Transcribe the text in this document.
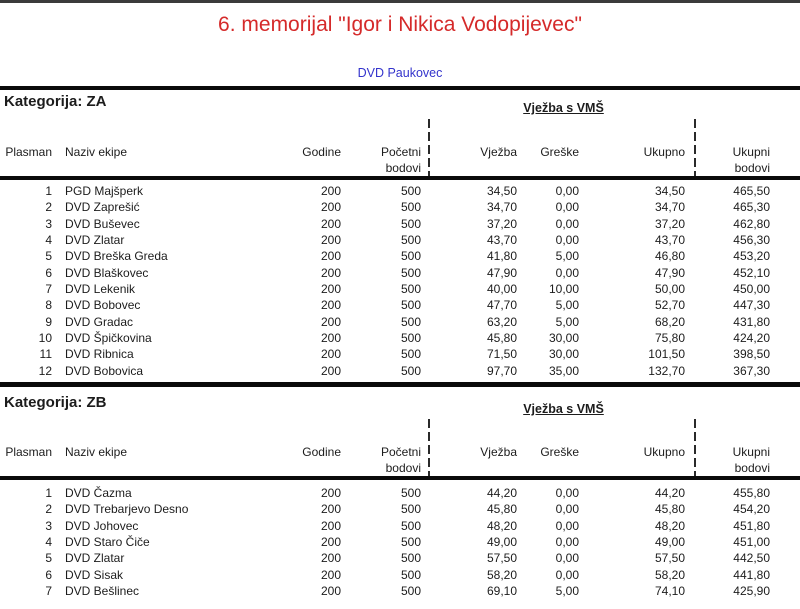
6. memorijal "Igor i Nikica Vodopijevec"
DVD Paukovec
Kategorija: ZA	Vježba s VMŠ
Plasman	Naziv ekipe	Godine	Početni
bodovi
Vježba	Greške	Ukupno	Ukupni
bodovi
1	PGD Majšperk	200	500	34,50	0,00	34,50	465,50
2	DVD Zaprešić	200	500	34,70	0,00	34,70	465,30
3	DVD Buševec	200	500	37,20	0,00	37,20	462,80
4	DVD Zlatar	200	500	43,70	0,00	43,70	456,30
5	DVD Breška Greda	200	500	41,80	5,00	46,80	453,20
6	DVD Blaškovec	200	500	47,90	0,00	47,90	452,10
7	DVD Lekenik	200	500	40,00	10,00	50,00	450,00
8	DVD Bobovec	200	500	47,70	5,00	52,70	447,30
9	DVD Gradac	200	500	63,20	5,00	68,20	431,80
10	DVD Špičkovina	200	500	45,80	30,00	75,80	424,20
11	DVD Ribnica	200	500	71,50	30,00	101,50	398,50
12	DVD Bobovica	200	500	97,70	35,00	132,70	367,30
Kategorija: ZB	Vježba s VMŠ
Plasman	Naziv ekipe	Godine	Početni
bodovi
Vježba	Greške	Ukupno	Ukupni
bodovi
1	DVD Čazma	200	500	44,20	0,00	44,20	455,80
2	DVD Trebarjevo Desno	200	500	45,80	0,00	45,80	454,20
3	DVD Johovec	200	500	48,20	0,00	48,20	451,80
4	DVD Staro Čiče	200	500	49,00	0,00	49,00	451,00
5	DVD Zlatar	200	500	57,50	0,00	57,50	442,50
6	DVD Sisak	200	500	58,20	0,00	58,20	441,80
7	DVD Bešlinec	200	500	69,10	5,00	74,10	425,90
